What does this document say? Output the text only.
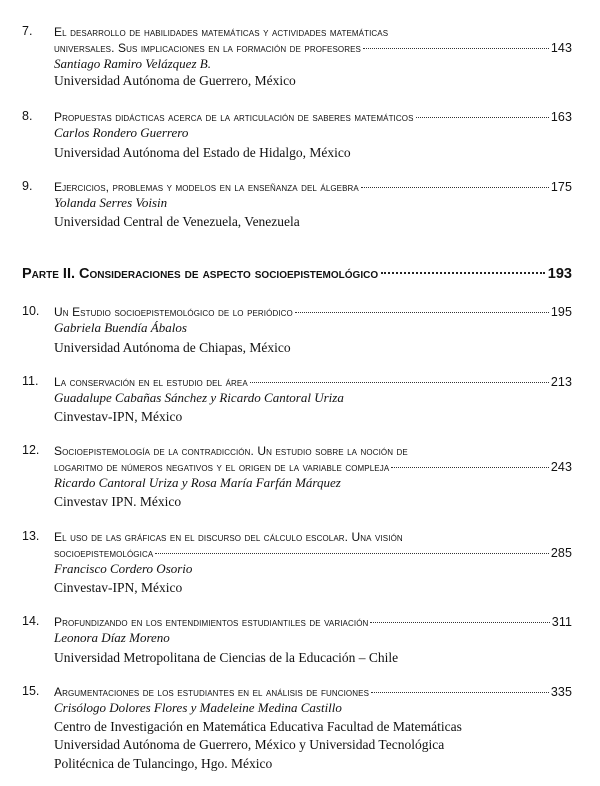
7. El desarrollo de habilidades matemáticas y actividades matemáticas
universales. Sus implicaciones en la formación de profesores	143
Santiago Ramiro Velázquez B.
Universidad Autónoma de Guerrero, México
8. Propuestas didácticas acerca de la articulación de saberes matemáticos	163
Carlos Rondero Guerrero
Universidad Autónoma del Estado de Hidalgo, México
9. Ejercicios, problemas y modelos en la enseñanza del álgebra	175
Yolanda Serres Voisin
Universidad Central de Venezuela, Venezuela
Parte II. Consideraciones de aspecto socioepistemológico	193
10. Un Estudio socioepistemológico de lo periódico	195
Gabriela Buendía Ábalos
Universidad Autónoma de Chiapas, México
11. La conservación en el estudio del área	213
Guadalupe Cabañas Sánchez y Ricardo Cantoral Uriza
Cinvestav-IPN, México
12. Socioepistemología de la contradicción. Un estudio sobre la noción de
logaritmo de números negativos y el origen de la variable compleja	243
Ricardo Cantoral Uriza y Rosa María Farfán Márquez
Cinvestav IPN. México
13. El uso de las gráficas en el discurso del cálculo escolar. Una visión
socioepistemológica	285
Francisco Cordero Osorio
Cinvestav-IPN, México
14. Profundizando en los entendimientos estudiantiles de variación	311
Leonora Díaz Moreno
Universidad Metropolitana de Ciencias de la Educación – Chile
15. Argumentaciones de los estudiantes en el análisis de funciones	335
Crisólogo Dolores Flores y Madeleine Medina Castillo
Centro de Investigación en Matemática Educativa Facultad de Matemáticas
Universidad Autónoma de Guerrero, México y Universidad Tecnológica
Politécnica de Tulancingo, Hgo. México
